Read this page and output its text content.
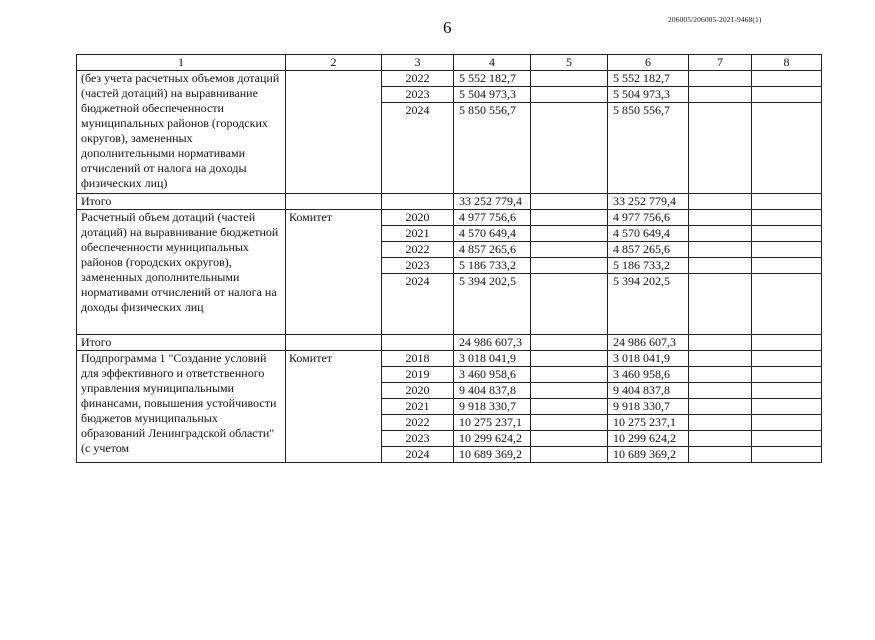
6	206005/206005-2021-9468(1)
1	2	3	4	5	6	7	8
(без учета расчетных объемов дотаций (частей дотаций) на выравнивание бюджетной обеспеченности муниципальных районов (городских округов), замененных дополнительными нормативами отчислений от налога на доходы физических лиц)		2022	5 552 182,7		5 552 182,7		
		2023	5 504 973,3		5 504 973,3		
		2024	5 850 556,7		5 850 556,7		
Итого			33 252 779,4		33 252 779,4		
Расчетный объем дотаций (частей дотаций) на выравнивание бюджетной обеспеченности муниципальных районов (городских округов), замененных дополнительными нормативами отчислений от налога на доходы физических лиц	Комитет	2020	4 977 756,6		4 977 756,6		
		2021	4 570 649,4		4 570 649,4		
		2022	4 857 265,6		4 857 265,6		
		2023	5 186 733,2		5 186 733,2		
		2024	5 394 202,5		5 394 202,5		
Итого			24 986 607,3		24 986 607,3		
Подпрограмма 1 "Создание условий для эффективного и ответственного управления муниципальными финансами, повышения устойчивости бюджетов муниципальных образований Ленинградской области" (с учетом	Комитет	2018	3 018 041,9		3 018 041,9		
		2019	3 460 958,6		3 460 958,6		
		2020	9 404 837,8		9 404 837,8		
		2021	9 918 330,7		9 918 330,7		
		2022	10 275 237,1		10 275 237,1		
		2023	10 299 624,2		10 299 624,2		
		2024	10 689 369,2		10 689 369,2		
